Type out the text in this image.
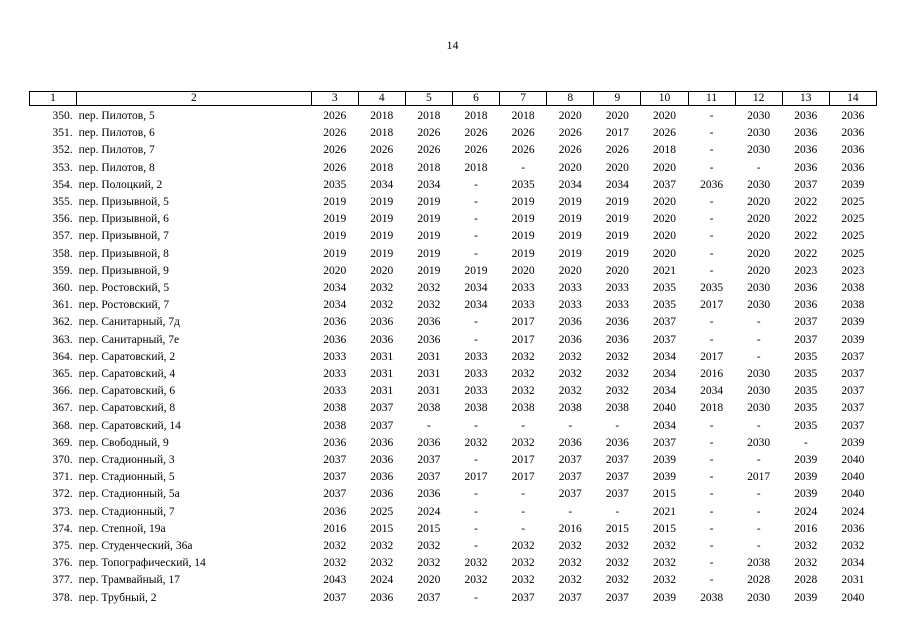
14
1	2	3	4	5	6	7	8	9	10	11	12	13	14
350.	пер. Пилотов, 5	2026	2018	2018	2018	2018	2020	2020	2020	-	2030	2036	2036
351.	пер. Пилотов, 6	2026	2018	2026	2026	2026	2026	2017	2026	-	2030	2036	2036
352.	пер. Пилотов, 7	2026	2026	2026	2026	2026	2026	2026	2018	-	2030	2036	2036
353.	пер. Пилотов, 8	2026	2018	2018	2018	-	2020	2020	2020	-	-	2036	2036
354.	пер. Полоцкий, 2	2035	2034	2034	-	2035	2034	2034	2037	2036	2030	2037	2039
355.	пер. Призывной, 5	2019	2019	2019	-	2019	2019	2019	2020	-	2020	2022	2025
356.	пер. Призывной, 6	2019	2019	2019	-	2019	2019	2019	2020	-	2020	2022	2025
357.	пер. Призывной, 7	2019	2019	2019	-	2019	2019	2019	2020	-	2020	2022	2025
358.	пер. Призывной, 8	2019	2019	2019	-	2019	2019	2019	2020	-	2020	2022	2025
359.	пер. Призывной, 9	2020	2020	2019	2019	2020	2020	2020	2021	-	2020	2023	2023
360.	пер. Ростовский, 5	2034	2032	2032	2034	2033	2033	2033	2035	2035	2030	2036	2038
361.	пер. Ростовский, 7	2034	2032	2032	2034	2033	2033	2033	2035	2017	2030	2036	2038
362.	пер. Санитарный, 7д	2036	2036	2036	-	2017	2036	2036	2037	-	-	2037	2039
363.	пер. Санитарный, 7е	2036	2036	2036	-	2017	2036	2036	2037	-	-	2037	2039
364.	пер. Саратовский, 2	2033	2031	2031	2033	2032	2032	2032	2034	2017	-	2035	2037
365.	пер. Саратовский, 4	2033	2031	2031	2033	2032	2032	2032	2034	2016	2030	2035	2037
366.	пер. Саратовский, 6	2033	2031	2031	2033	2032	2032	2032	2034	2034	2030	2035	2037
367.	пер. Саратовский, 8	2038	2037	2038	2038	2038	2038	2038	2040	2018	2030	2035	2037
368.	пер. Саратовский, 14	2038	2037	-	-	-	-	-	2034	-	-	2035	2037
369.	пер. Свободный, 9	2036	2036	2036	2032	2032	2036	2036	2037	-	2030	-	2039
370.	пер. Стадионный, 3	2037	2036	2037	-	2017	2037	2037	2039	-	-	2039	2040
371.	пер. Стадионный, 5	2037	2036	2037	2017	2017	2037	2037	2039	-	2017	2039	2040
372.	пер. Стадионный, 5а	2037	2036	2036	-	-	2037	2037	2015	-	-	2039	2040
373.	пер. Стадионный, 7	2036	2025	2024	-	-	-	-	2021	-	-	2024	2024
374.	пер. Степной, 19а	2016	2015	2015	-	-	2016	2015	2015	-	-	2016	2036
375.	пер. Студенческий, 36а	2032	2032	2032	-	2032	2032	2032	2032	-	-	2032	2032
376.	пер. Топографический, 14	2032	2032	2032	2032	2032	2032	2032	2032	-	2038	2032	2034
377.	пер. Трамвайный, 17	2043	2024	2020	2032	2032	2032	2032	2032	-	2028	2028	2031
378.	пер. Трубный, 2	2037	2036	2037	-	2037	2037	2037	2039	2038	2030	2039	2040
